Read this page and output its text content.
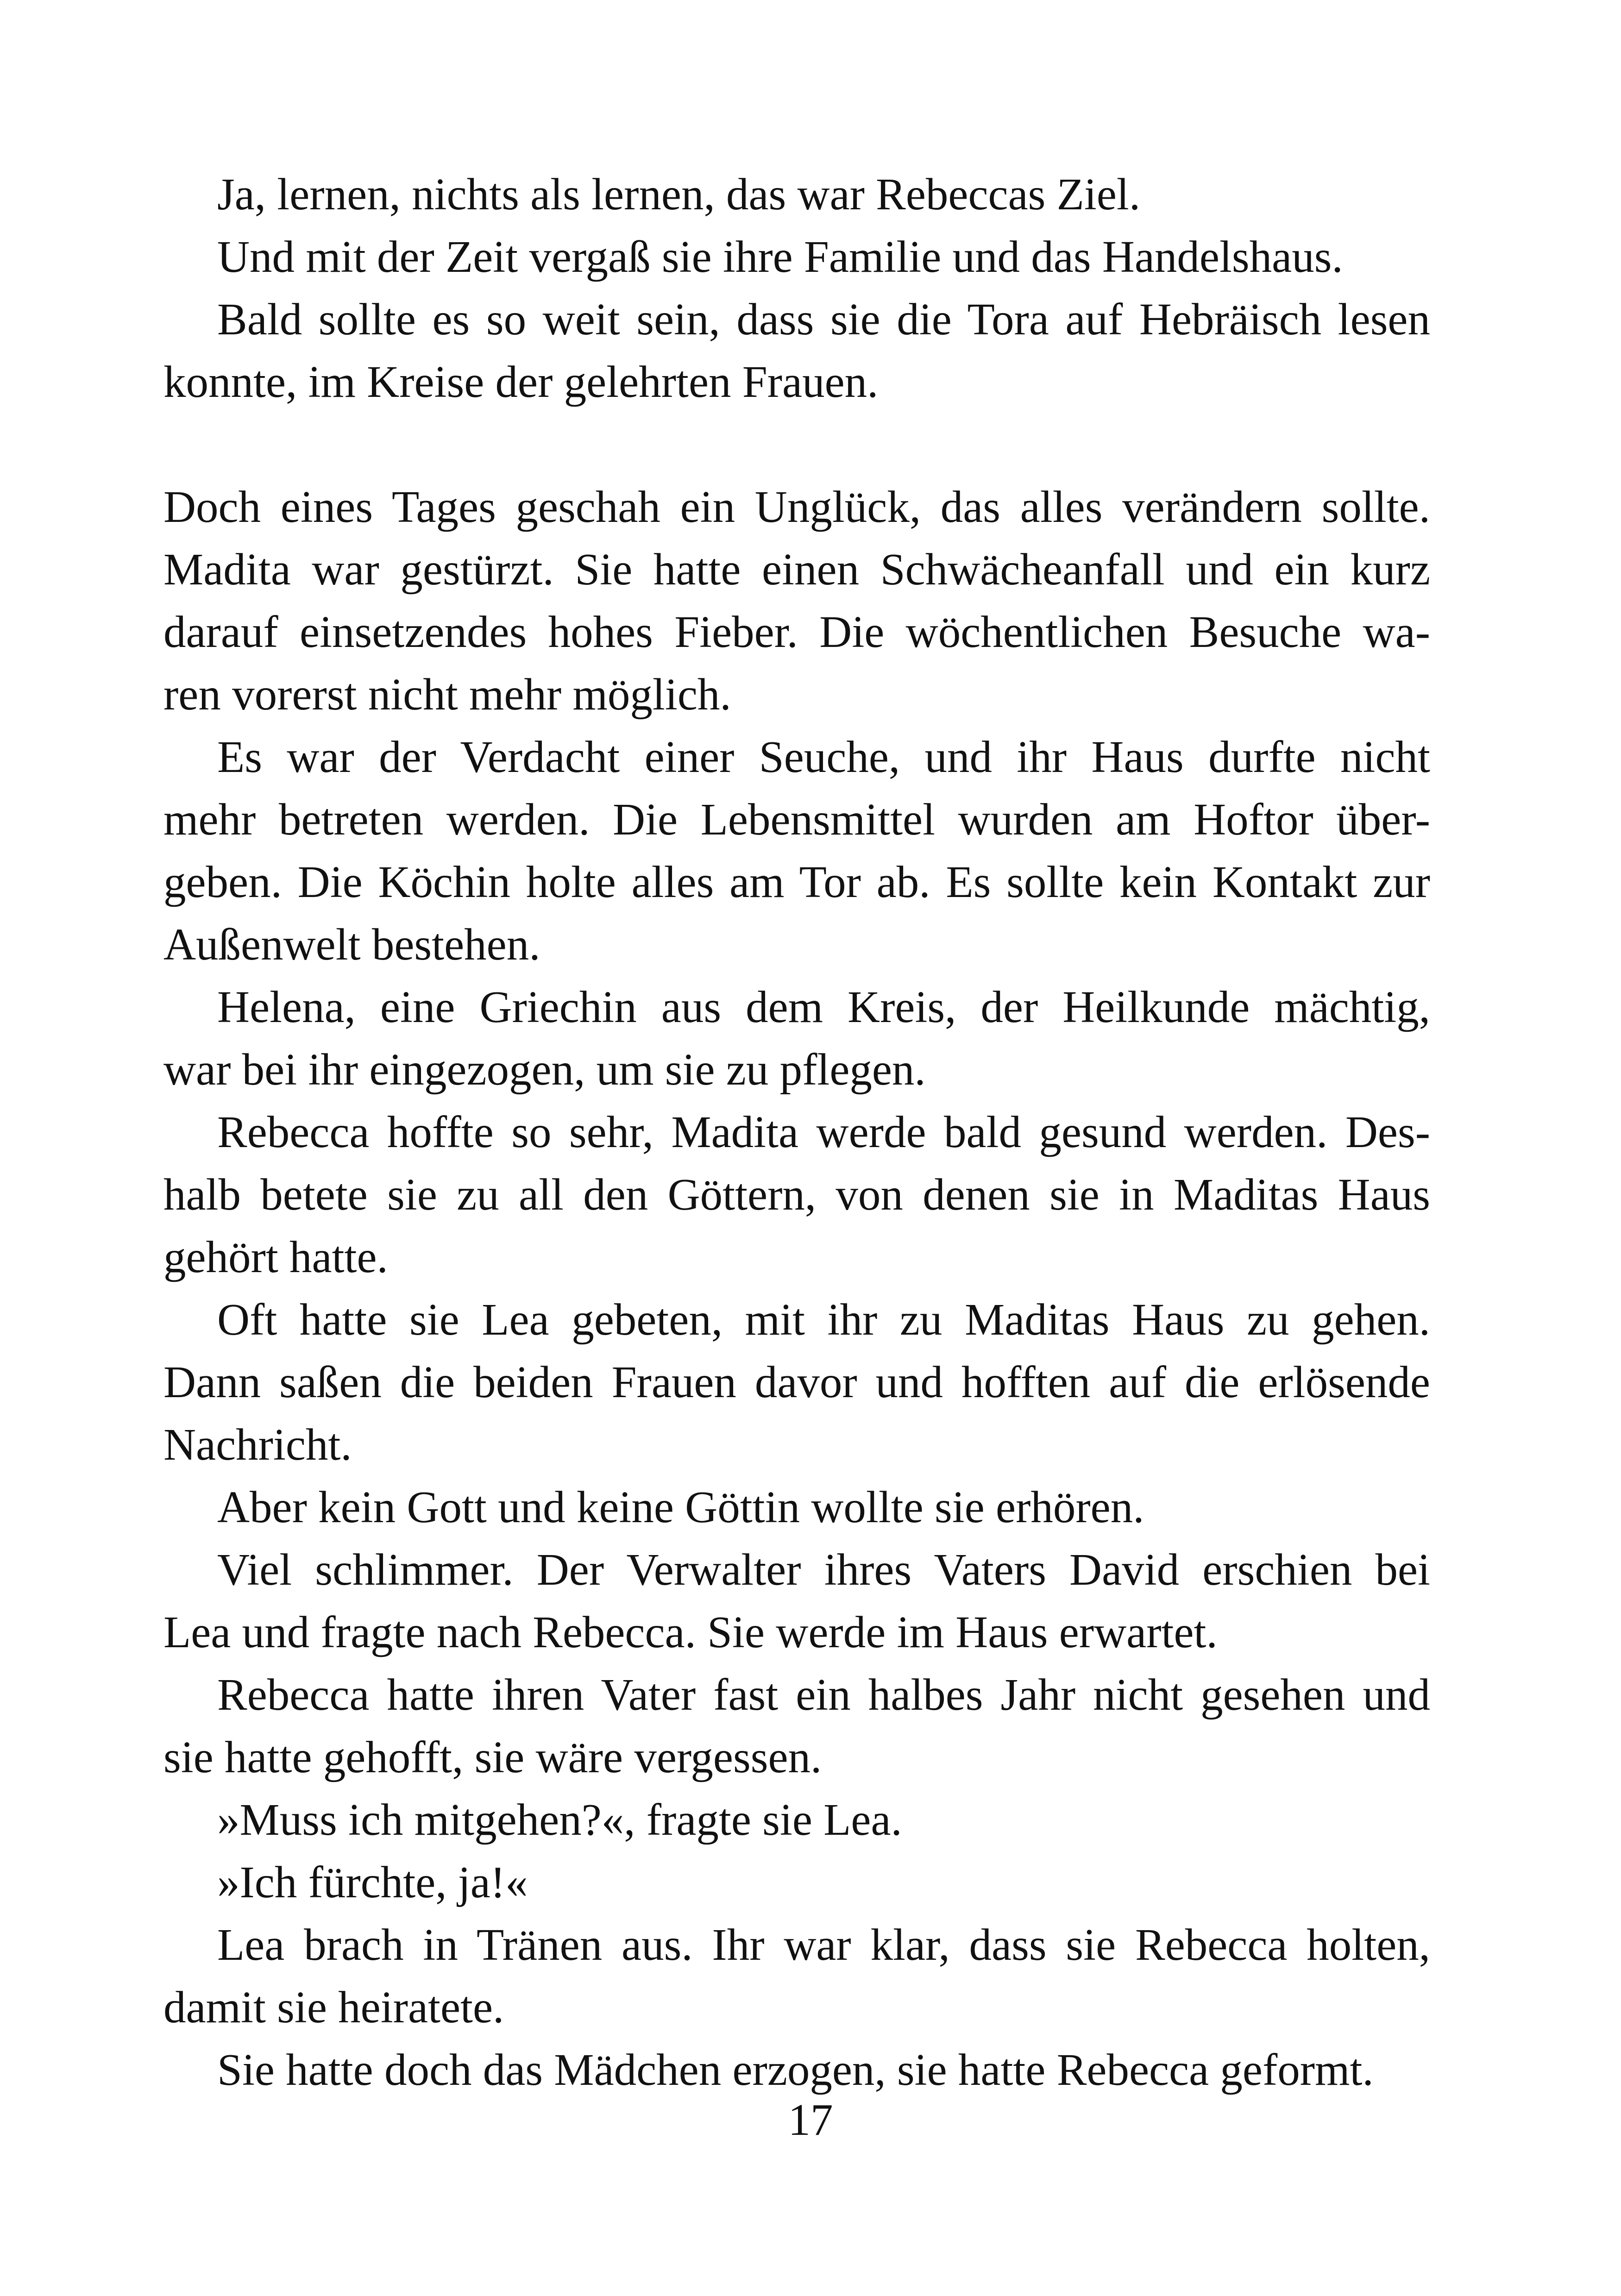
Ja, lernen, nichts als lernen, das war Rebeccas Ziel.
Und mit der Zeit vergaß sie ihre Familie und das Handelshaus.
Bald sollte es so weit sein, dass sie die Tora auf Hebräisch lesen
konnte, im Kreise der gelehrten Frauen.
Doch eines Tages geschah ein Unglück, das alles verändern sollte.
Madita war gestürzt. Sie hatte einen Schwächeanfall und ein kurz
darauf einsetzendes hohes Fieber. Die wöchentlichen Besuche wa-
ren vorerst nicht mehr möglich.
Es war der Verdacht einer Seuche, und ihr Haus durfte nicht
mehr betreten werden. Die Lebensmittel wurden am Hoftor über-
geben. Die Köchin holte alles am Tor ab. Es sollte kein Kontakt zur
Außenwelt bestehen.
Helena, eine Griechin aus dem Kreis, der Heilkunde mächtig,
war bei ihr eingezogen, um sie zu pflegen.
Rebecca hoffte so sehr, Madita werde bald gesund werden. Des-
halb betete sie zu all den Göttern, von denen sie in Maditas Haus
gehört hatte.
Oft hatte sie Lea gebeten, mit ihr zu Maditas Haus zu gehen.
Dann saßen die beiden Frauen davor und hofften auf die erlösende
Nachricht.
Aber kein Gott und keine Göttin wollte sie erhören.
Viel schlimmer. Der Verwalter ihres Vaters David erschien bei
Lea und fragte nach Rebecca. Sie werde im Haus erwartet.
Rebecca hatte ihren Vater fast ein halbes Jahr nicht gesehen und
sie hatte gehofft, sie wäre vergessen.
»Muss ich mitgehen?«, fragte sie Lea.
»Ich fürchte, ja!«
Lea brach in Tränen aus. Ihr war klar, dass sie Rebecca holten,
damit sie heiratete.
Sie hatte doch das Mädchen erzogen, sie hatte Rebecca geformt.
17
